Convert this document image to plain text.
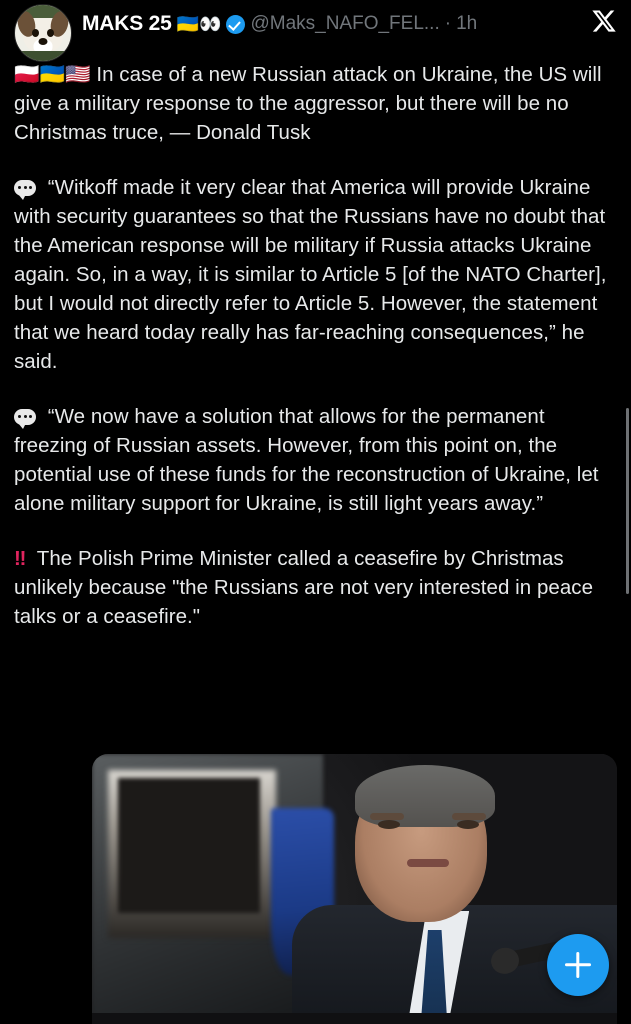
MAKS 25 🇺🇦👀 @Maks_NAFO_FEL... · 1h
🇵🇱🇺🇦🇺🇸 In case of a new Russian attack on Ukraine, the US will give a military response to the aggressor, but there will be no Christmas truce, — Donald Tusk
“Witkoff made it very clear that America will provide Ukraine with security guarantees so that the Russians have no doubt that the American response will be military if Russia attacks Ukraine again. So, in a way, it is similar to Article 5 [of the NATO Charter], but I would not directly refer to Article 5. However, the statement that we heard today really has far-reaching consequences,” he said.
“We now have a solution that allows for the permanent freezing of Russian assets. However, from this point on, the potential use of these funds for the reconstruction of Ukraine, let alone military support for Ukraine, is still light years away.”
‼ The Polish Prime Minister called a ceasefire by Christmas unlikely because "the Russians are not very interested in peace talks or a ceasefire."
